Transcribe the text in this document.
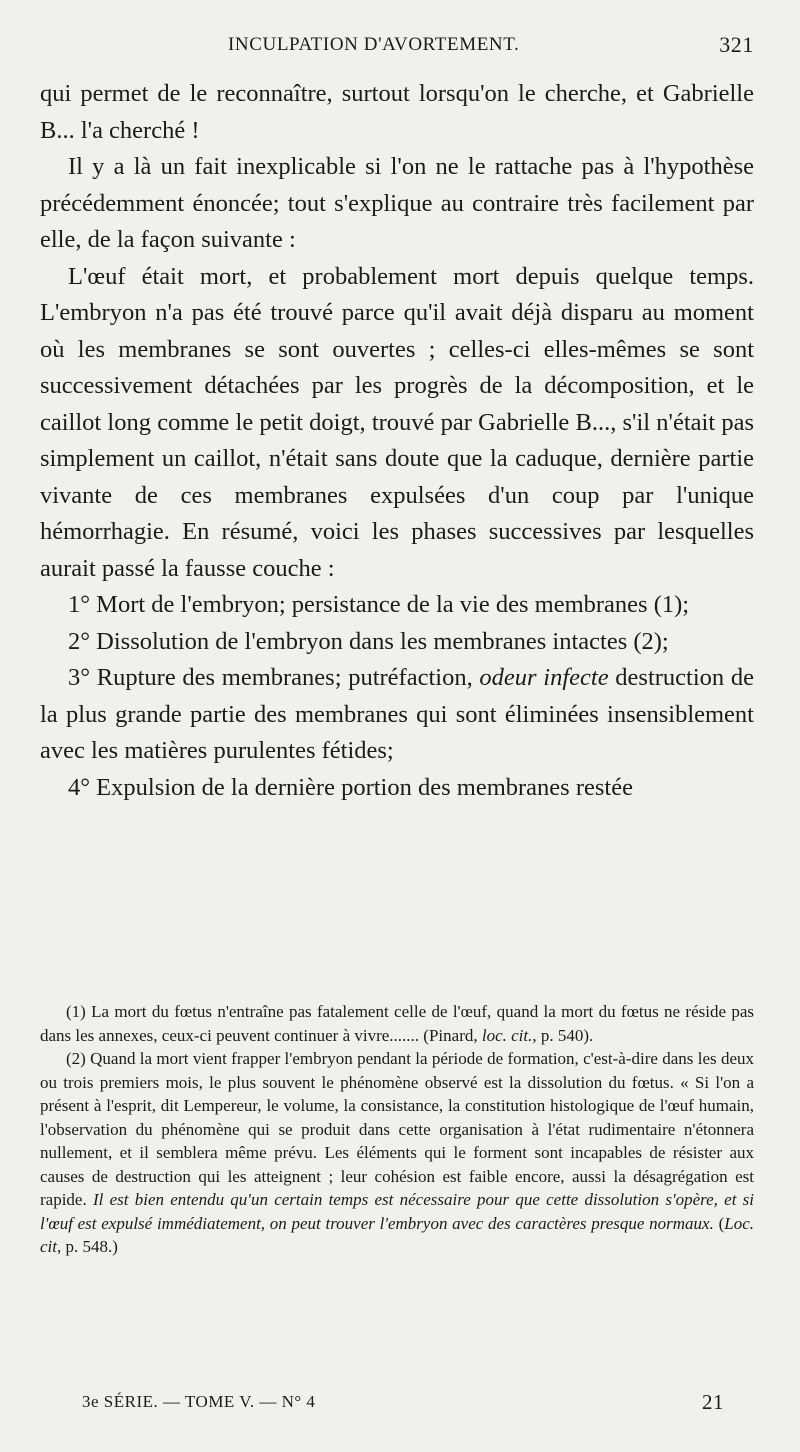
INCULPATION D'AVORTEMENT.	321

qui permet de le reconnaître, surtout lorsqu'on le cherche, et Gabrielle B... l'a cherché !

Il y a là un fait inexplicable si l'on ne le rattache pas à l'hypothèse précédemment énoncée; tout s'explique au contraire très facilement par elle, de la façon suivante :

L'œuf était mort, et probablement mort depuis quelque temps. L'embryon n'a pas été trouvé parce qu'il avait déjà disparu au moment où les membranes se sont ouvertes ; celles-ci elles-mêmes se sont successivement détachées par les progrès de la décomposition, et le caillot long comme le petit doigt, trouvé par Gabrielle B..., s'il n'était pas simplement un caillot, n'était sans doute que la caduque, dernière partie vivante de ces membranes expulsées d'un coup par l'unique hémorrhagie. En résumé, voici les phases successives par lesquelles aurait passé la fausse couche :

1° Mort de l'embryon; persistance de la vie des membranes (1);

2° Dissolution de l'embryon dans les membranes intactes (2);

3° Rupture des membranes; putréfaction, odeur infecte destruction de la plus grande partie des membranes qui sont éliminées insensiblement avec les matières purulentes fétides;

4° Expulsion de la dernière portion des membranes restée

(1) La mort du fœtus n'entraîne pas fatalement celle de l'œuf, quand la mort du fœtus ne réside pas dans les annexes, ceux-ci peuvent continuer à vivre....... (Pinard, loc. cit., p. 540).

(2) Quand la mort vient frapper l'embryon pendant la période de formation, c'est-à-dire dans les deux ou trois premiers mois, le plus souvent le phénomène observé est la dissolution du fœtus. « Si l'on a présent à l'esprit, dit Lempereur, le volume, la consistance, la constitution histologique de l'œuf humain, l'observation du phénomène qui se produit dans cette organisation à l'état rudimentaire n'étonnera nullement, et il semblera même prévu. Les éléments qui le forment sont incapables de résister aux causes de destruction qui les atteignent ; leur cohésion est faible encore, aussi la désagrégation est rapide. Il est bien entendu qu'un certain temps est nécessaire pour que cette dissolution s'opère, et si l'œuf est expulsé immédiatement, on peut trouver l'embryon avec des caractères presque normaux. (Loc. cit, p. 548.)

3e SÉRIE. — TOME V. — N° 4	21
